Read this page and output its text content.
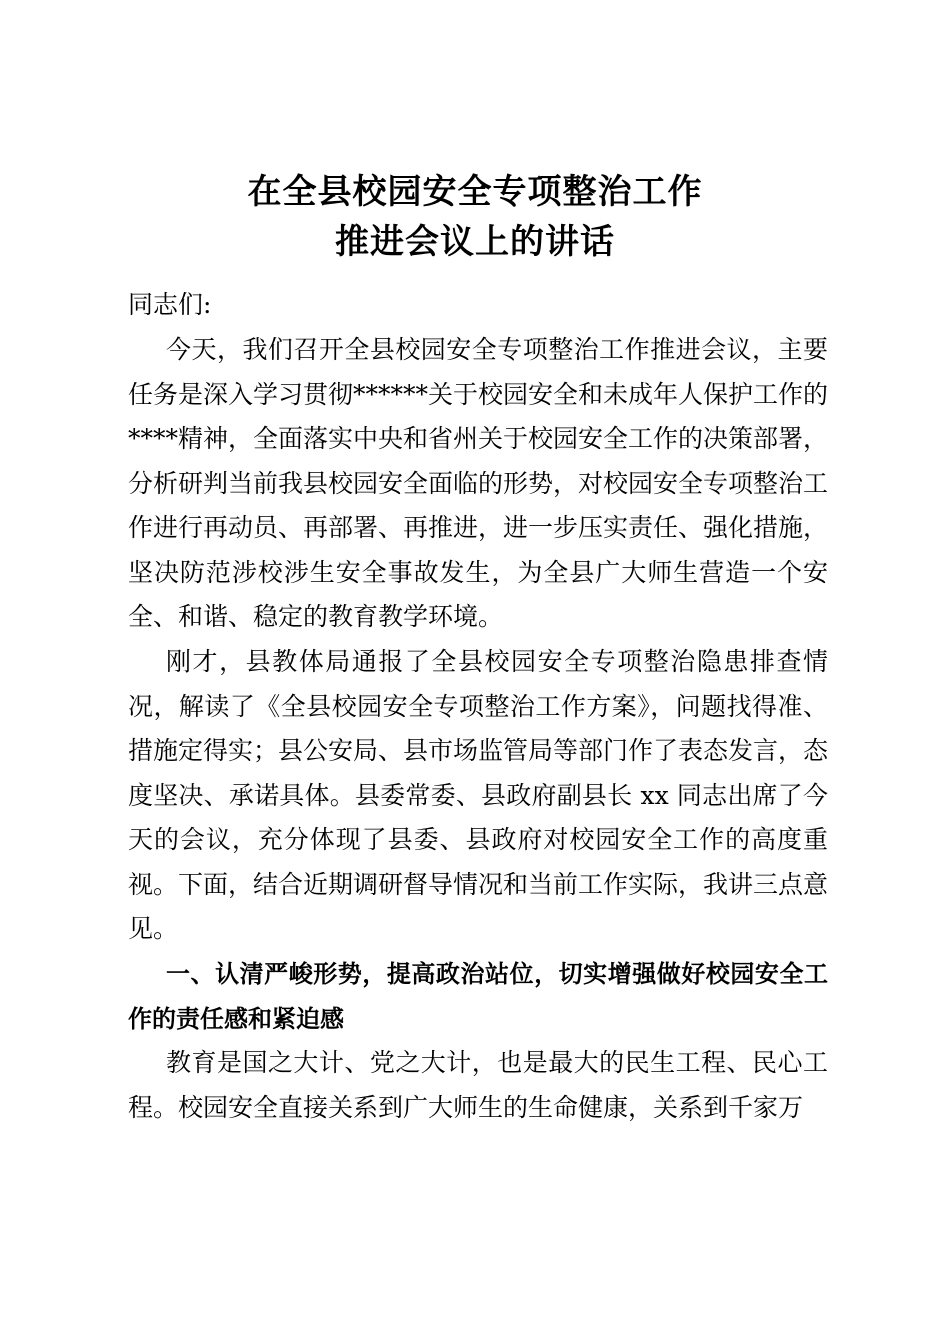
在全县校园安全专项整治工作
推进会议上的讲话
同志们:
今天，我们召开全县校园安全专项整治工作推进会议，主要任务是深入学习贯彻******关于校园安全和未成年人保护工作的****精神，全面落实中央和省州关于校园安全工作的决策部署，分析研判当前我县校园安全面临的形势，对校园安全专项整治工作进行再动员、再部署、再推进，进一步压实责任、强化措施，坚决防范涉校涉生安全事故发生，为全县广大师生营造一个安全、和谐、稳定的教育教学环境。
刚才，县教体局通报了全县校园安全专项整治隐患排查情况，解读了《全县校园安全专项整治工作方案》，问题找得准、措施定得实；县公安局、县市场监管局等部门作了表态发言，态度坚决、承诺具体。县委常委、县政府副县长 xx 同志出席了今天的会议，充分体现了县委、县政府对校园安全工作的高度重视。下面，结合近期调研督导情况和当前工作实际，我讲三点意见。
一、认清严峻形势，提高政治站位，切实增强做好校园安全工作的责任感和紧迫感
教育是国之大计、党之大计，也是最大的民生工程、民心工程。校园安全直接关系到广大师生的生命健康，关系到千家万
